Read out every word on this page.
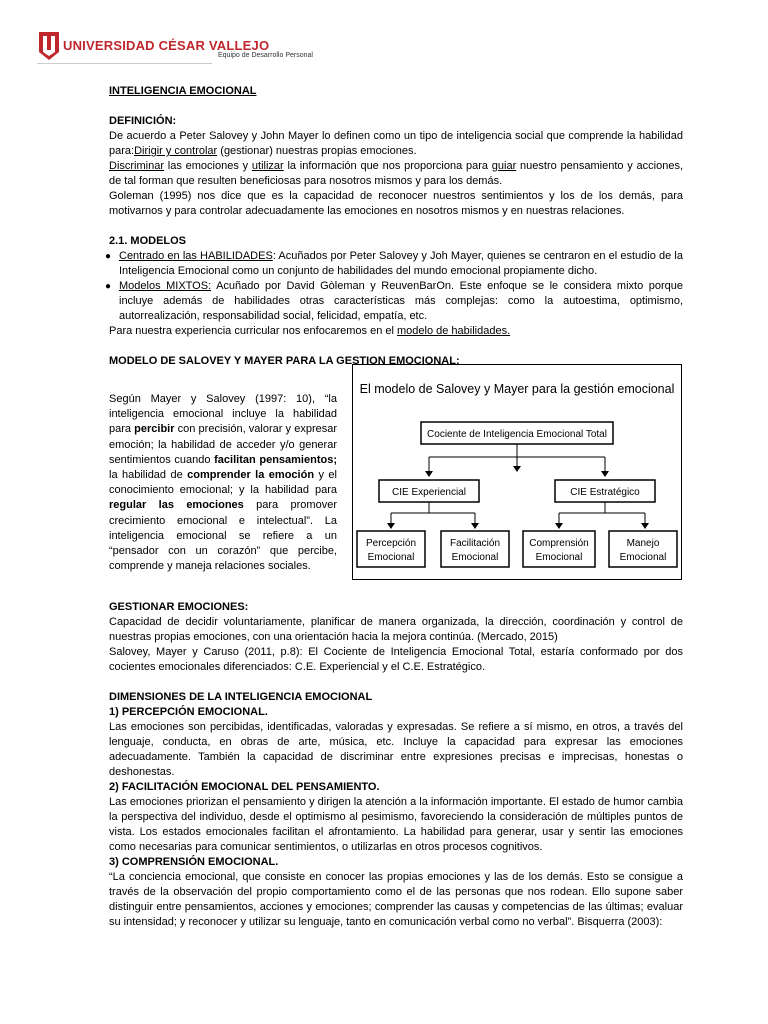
UNIVERSIDAD CÉSAR VALLEJO
Equipo de Desarrollo Personal

INTELIGENCIA EMOCIONAL

DEFINICIÓN:

De acuerdo a Peter Salovey y John Mayer lo definen como un tipo de inteligencia social que comprende la habilidad para:Dirigir y controlar (gestionar) nuestras propias emociones.

Discriminar las emociones y utilizar la información que nos proporciona para guiar nuestro pensamiento y acciones, de tal forman que resulten beneficiosas para nosotros mismos y para los demás.

Goleman (1995) nos dice que es la capacidad de reconocer nuestros sentimientos y los de los demás, para motivarnos y para controlar adecuadamente las emociones en nosotros mismos y en nuestras relaciones.

2.1. MODELOS

● Centrado en las HABILIDADES: Acuñados por Peter Salovey y Joh Mayer, quienes se centraron en el estudio de la Inteligencia Emocional como un conjunto de habilidades del mundo emocional propiamente dicho.
● Modelos MIXTOS: Acuñado por David Gòleman y ReuvenBarOn. Este enfoque se le considera mixto porque incluye además de habilidades otras características más complejas: como la autoestima, optimismo, autorrealización, responsabilidad social, felicidad, empatía, etc.

Para nuestra experiencia curricular nos enfocaremos en el modelo de habilidades.

MODELO DE SALOVEY Y MAYER PARA LA GESTION EMOCIONAL:

Según Mayer y Salovey (1997: 10), “la inteligencia emocional incluye la habilidad para percibir con precisión, valorar y expresar emoción; la habilidad de acceder y/o generar sentimientos cuando facilitan pensamientos; la habilidad de comprender la emoción y el conocimiento emocional; y la habilidad para regular las emociones para promover crecimiento emocional e intelectual”. La inteligencia emocional se refiere a un “pensador con un corazón” que percibe, comprende y maneja relaciones sociales.

El modelo de Salovey y Mayer para la gestión emocional
Cociente de Inteligencia Emocional Total
CIE Experiencial	CIE Estratégico
Percepción
Emocional
Facilitación
Emocional
Comprensión
Emocional
Manejo
Emocional

GESTIONAR EMOCIONES:

Capacidad de decidir voluntariamente, planificar de manera organizada, la dirección, coordinación y control de nuestras propias emociones, con una orientación hacia la mejora continúa. (Mercado, 2015)

Salovey, Mayer y Caruso (2011, p.8): El Cociente de Inteligencia Emocional Total, estaría conformado por dos cocientes emocionales diferenciados: C.E. Experiencial y el C.E. Estratégico.

DIMENSIONES DE LA INTELIGENCIA EMOCIONAL

1) PERCEPCIÓN EMOCIONAL.

Las emociones son percibidas, identificadas, valoradas y expresadas. Se refiere a sí mismo, en otros, a través del lenguaje, conducta, en obras de arte, música, etc. Incluye la capacidad para expresar las emociones adecuadamente. También la capacidad de discriminar entre expresiones precisas e imprecisas, honestas o deshonestas.

2) FACILITACIÓN EMOCIONAL DEL PENSAMIENTO.

Las emociones priorizan el pensamiento y dirigen la atención a la información importante. El estado de humor cambia la perspectiva del individuo, desde el optimismo al pesimismo, favoreciendo la consideración de múltiples puntos de vista. Los estados emocionales facilitan el afrontamiento. La habilidad para generar, usar y sentir las emociones como necesarias para comunicar sentimientos, o utilizarlas en otros procesos cognitivos.

3) COMPRENSIÓN EMOCIONAL.

“La conciencia emocional, que consiste en conocer las propias emociones y las de los demás. Esto se consigue a través de la observación del propio comportamiento como el de las personas que nos rodean. Ello supone saber distinguir entre pensamientos, acciones y emociones; comprender las causas y competencias de las últimas; evaluar su intensidad; y reconocer y utilizar su lenguaje, tanto en comunicación verbal como no verbal”. Bisquerra (2003):
